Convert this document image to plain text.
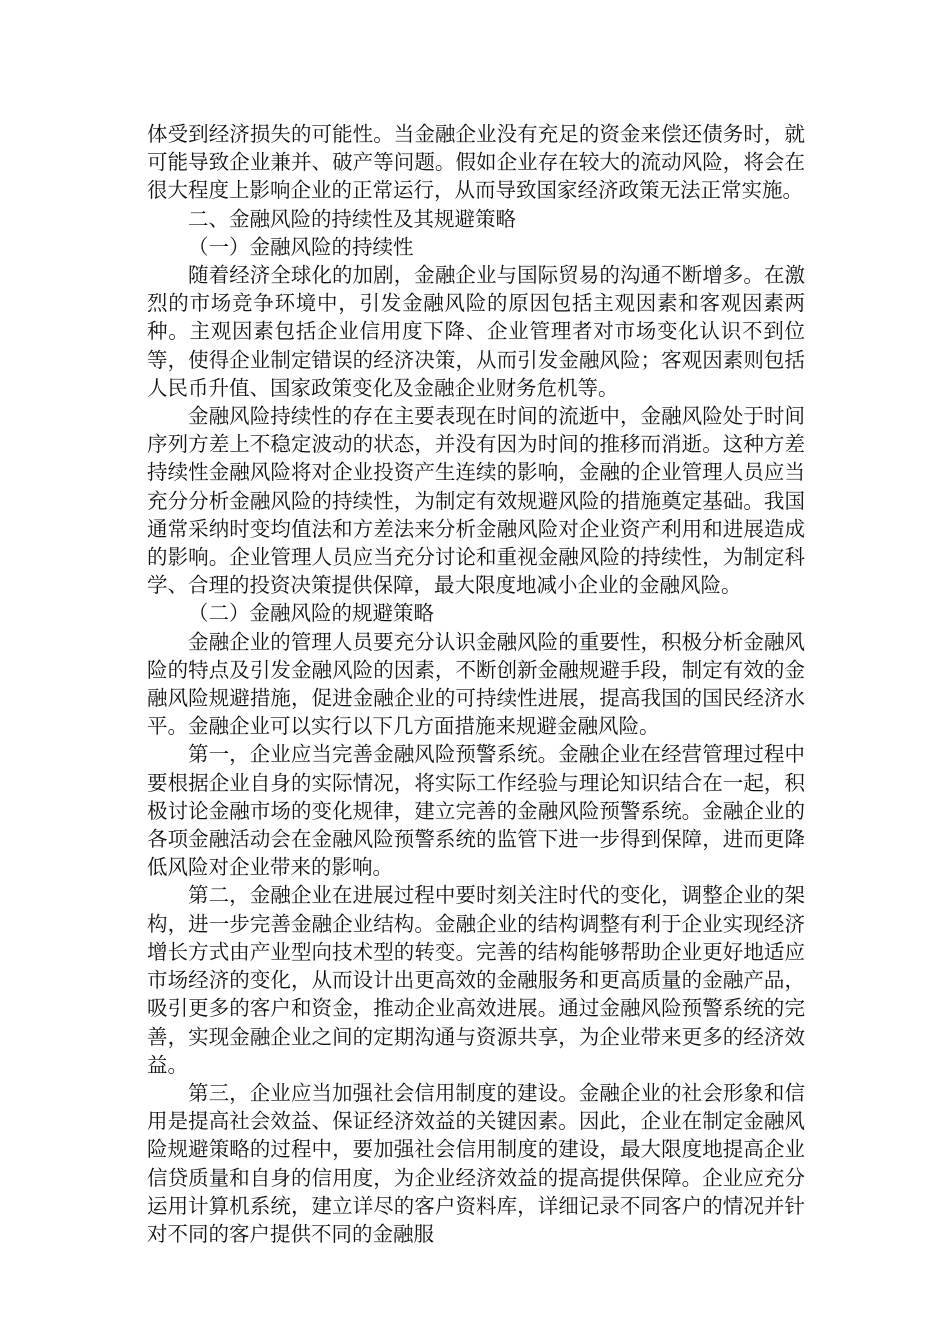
体受到经济损失的可能性。当金融企业没有充足的资金来偿还债务时，就可能导致企业兼并、破产等问题。假如企业存在较大的流动风险，将会在很大程度上影响企业的正常运行，从而导致国家经济政策无法正常实施。

二、金融风险的持续性及其规避策略

（一）金融风险的持续性

随着经济全球化的加剧，金融企业与国际贸易的沟通不断增多。在激烈的市场竞争环境中，引发金融风险的原因包括主观因素和客观因素两种。主观因素包括企业信用度下降、企业管理者对市场变化认识不到位等，使得企业制定错误的经济决策，从而引发金融风险；客观因素则包括人民币升值、国家政策变化及金融企业财务危机等。

金融风险持续性的存在主要表现在时间的流逝中，金融风险处于时间序列方差上不稳定波动的状态，并没有因为时间的推移而消逝。这种方差持续性金融风险将对企业投资产生连续的影响，金融的企业管理人员应当充分分析金融风险的持续性，为制定有效规避风险的措施奠定基础。我国通常采纳时变均值法和方差法来分析金融风险对企业资产利用和进展造成的影响。企业管理人员应当充分讨论和重视金融风险的持续性，为制定科学、合理的投资决策提供保障，最大限度地减小企业的金融风险。

（二）金融风险的规避策略

金融企业的管理人员要充分认识金融风险的重要性，积极分析金融风险的特点及引发金融风险的因素，不断创新金融规避手段，制定有效的金融风险规避措施，促进金融企业的可持续性进展，提高我国的国民经济水平。金融企业可以实行以下几方面措施来规避金融风险。

第一，企业应当完善金融风险预警系统。金融企业在经营管理过程中要根据企业自身的实际情况，将实际工作经验与理论知识结合在一起，积极讨论金融市场的变化规律，建立完善的金融风险预警系统。金融企业的各项金融活动会在金融风险预警系统的监管下进一步得到保障，进而更降低风险对企业带来的影响。

第二，金融企业在进展过程中要时刻关注时代的变化，调整企业的架构，进一步完善金融企业结构。金融企业的结构调整有利于企业实现经济增长方式由产业型向技术型的转变。完善的结构能够帮助企业更好地适应市场经济的变化，从而设计出更高效的金融服务和更高质量的金融产品，吸引更多的客户和资金，推动企业高效进展。通过金融风险预警系统的完善，实现金融企业之间的定期沟通与资源共享，为企业带来更多的经济效益。

第三，企业应当加强社会信用制度的建设。金融企业的社会形象和信用是提高社会效益、保证经济效益的关键因素。因此，企业在制定金融风险规避策略的过程中，要加强社会信用制度的建设，最大限度地提高企业信贷质量和自身的信用度，为企业经济效益的提高提供保障。企业应充分运用计算机系统，建立详尽的客户资料库，详细记录不同客户的情况并针对不同的客户提供不同的金融服
